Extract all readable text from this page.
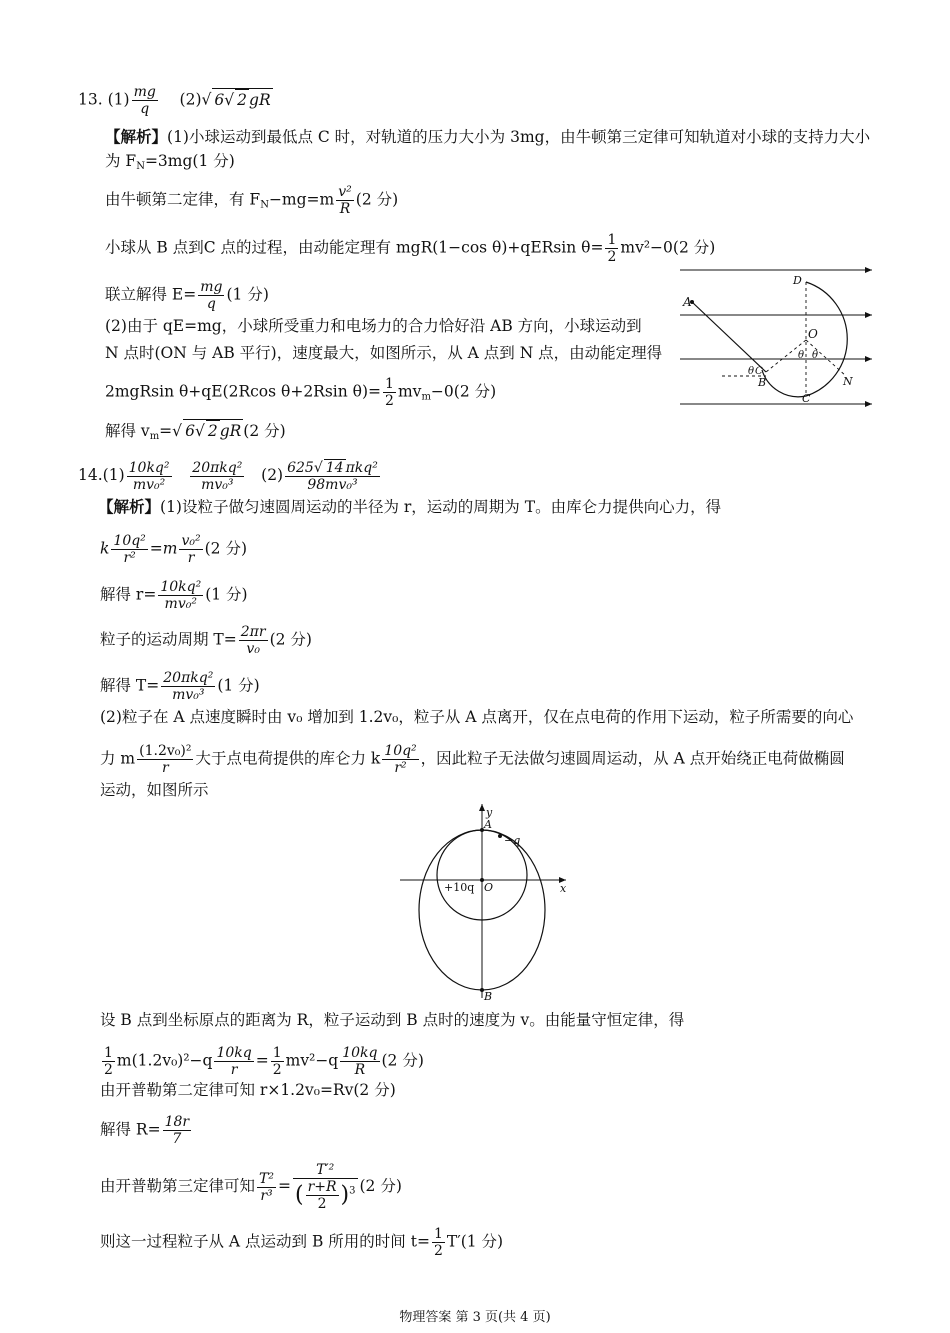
13. $(1) \frac{mg}{q} (2)√$ 6√ 2 gR
【解析】(1)小球运动到最低点 C 时，对轨道的压力大小为 3mg，由牛顿第三定律可知轨道对小球的支持力大小
为 $F_N=3mg(1$ 分)
由牛顿第二定律，有 $F_N-mg=m \frac{\text{v²}}{R} (2$ 分)
小球从 B 点到C 点的过程，由动能定理有 mgR(1−cos θ)+qERsin $\theta= \frac{1}{2} mv^2-0(2$ 分)
联立解得 $E= \frac{mg}{q} (1$ 分)
(2)由于 qE=mg，小球所受重力和电场力的合力恰好沿 AB 方向，小球运动到
N 点时(ON 与 AB 平行)，速度最大，如图所示，从 A 点到 N 点，由动能定理得
2mgRsin θ+qE(2Rcos θ+2Rsin $\theta)= \frac{1}{2} mv_m-0(2$ 分)
解得 $v_m=√$ 6√ 2 gR (2 分)
A
D
O
θ θ
θ C
B
C
N
$14.(1) \frac{\text{10kq²}}{\text{mv₀²}}$
$\frac{\text{20πkq²}}{\text{mv₀³}} (2) \frac{\text{625√ 14 πkq²}}{\text{98mv₀³}}$
【解析】(1)设粒子做匀速圆周运动的半径为 r，运动的周期为 T。由库仑力提供向心力，得
k $\frac{\text{10q²}}{\text{r²}} =m \frac{\text{v₀²}}{r} (2$ 分)
解得 $r= \frac{\text{10kq²}}{\text{mv₀²}} (1$ 分)
粒子的运动周期 $T= \frac{2\pi r}{\text{v₀}} (2$ 分)
解得 $T= \frac{\text{20πkq²}}{\text{mv₀³}} (1$ 分)
(2)粒子在 A 点速度瞬时由 v₀ 增加到 1.2v₀，粒子从 A 点离开，仅在点电荷的作用下运动，粒子所需要的向心
力 m $\frac{\text{(1.2v₀)²}}{r}$ 大于点电荷提供的库仑力 k $\frac{\text{10q²}}{\text{r²}}$ ，因此粒子无法做匀速圆周运动，从 A 点开始绕正电荷做椭圆
运动，如图所示
y
x
A
−q
O
+10q
B
设 B 点到坐标原点的距离为 R，粒子运动到 B 点时的速度为 v。由能量守恒定律，得
$\frac{1}{2} m(1.2v_0)^2-q \frac{10kq}{r} = \frac{1}{2} mv^2-q \frac{10kq}{R} (2$ 分)
由开普勒第二定律可知 r×1.2v₀=Rv(2 分)
解得 $R= \frac{18r}{7}$
由开普勒第三定律可知 $\frac{\text{T²}}{\text{r³}} = \frac{\text{T′²}}{( \frac{r+R}{2} )^3} (2$ 分)
则这一过程粒子从 A 点运动到 B 所用的时间 $t= \frac{1}{2} T'(1$ 分)
物理答案 第 3 页(共 4 页)
